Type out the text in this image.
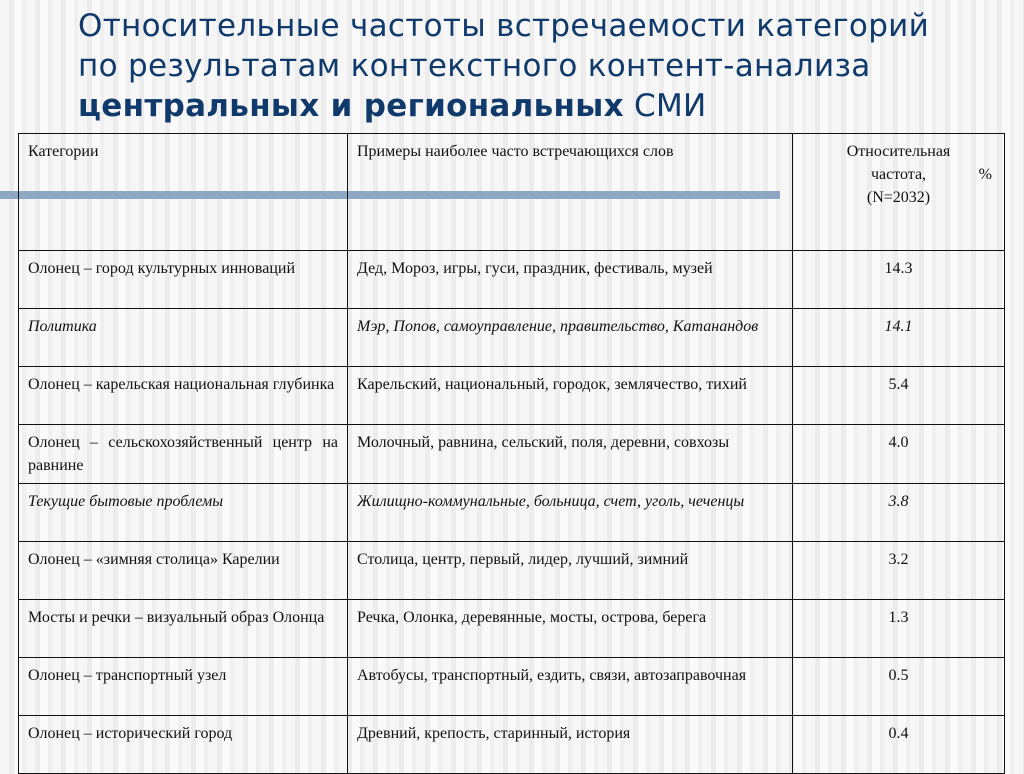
Относительные частоты встречаемости категорий
по результатам контекстного контент-анализа
центральных и региональных СМИ
Категории	Примеры наиболее часто встречающихся слов	Относительная
частота, %
(N=2032)

Олонец – город культурных инноваций	Дед, Мороз, игры, гуси, праздник, фестиваль, музей	14.3
Политика	Мэр, Попов, самоуправление, правительство, Катанандов	14.1
Олонец – карельская национальная глубинка	Карельский, национальный, городок, землячество, тихий	5.4
Олонец – сельскохозяйственный центр на равнине	Молочный, равнина, сельский, поля, деревни, совхозы	4.0
Текущие бытовые проблемы	Жилищно-коммунальные, больница, счет, уголь, чеченцы	3.8
Олонец – «зимняя столица» Карелии	Столица, центр, первый, лидер, лучший, зимний	3.2
Мосты и речки – визуальный образ Олонца	Речка, Олонка, деревянные, мосты, острова, берега	1.3
Олонец – транспортный узел	Автобусы, транспортный, ездить, связи, автозаправочная	0.5
Олонец – исторический город	Древний, крепость, старинный, история	0.4
